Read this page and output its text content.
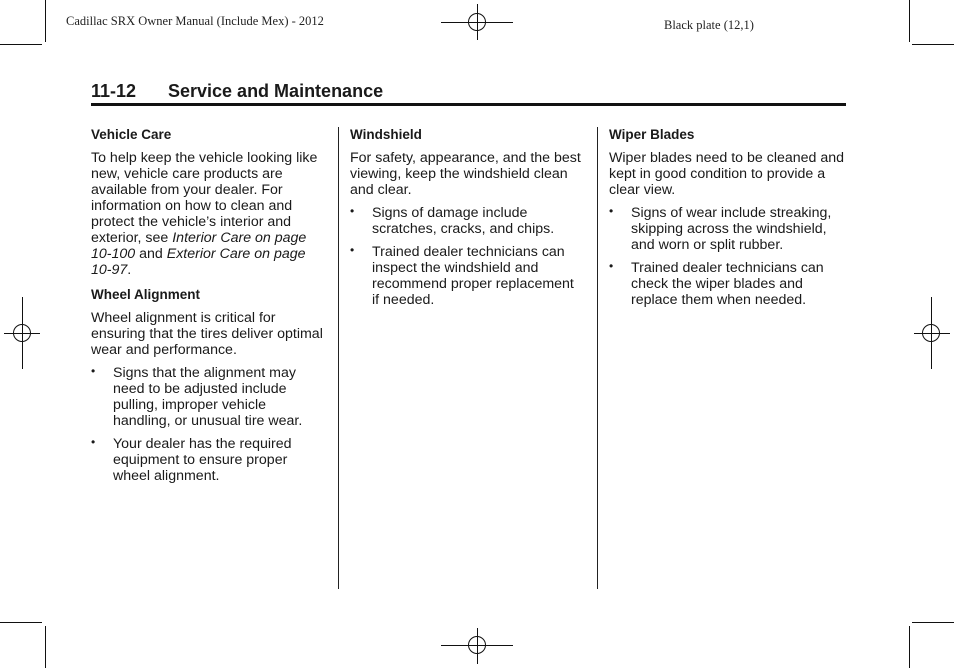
Cadillac SRX Owner Manual (Include Mex) - 2012	Black plate (12,1)
11-12 Service and Maintenance
Vehicle Care

To help keep the vehicle looking like new, vehicle care products are available from your dealer. For information on how to clean and protect the vehicle’s interior and exterior, see Interior Care on page 10-100 and Exterior Care on page 10-97.

Wheel Alignment

Wheel alignment is critical for ensuring that the tires deliver optimal wear and performance.

• Signs that the alignment may need to be adjusted include pulling, improper vehicle handling, or unusual tire wear.
• Your dealer has the required equipment to ensure proper wheel alignment.
Windshield

For safety, appearance, and the best viewing, keep the windshield clean and clear.

• Signs of damage include scratches, cracks, and chips.
• Trained dealer technicians can inspect the windshield and recommend proper replacement if needed.
Wiper Blades

Wiper blades need to be cleaned and kept in good condition to provide a clear view.

• Signs of wear include streaking, skipping across the windshield, and worn or split rubber.
• Trained dealer technicians can check the wiper blades and replace them when needed.
